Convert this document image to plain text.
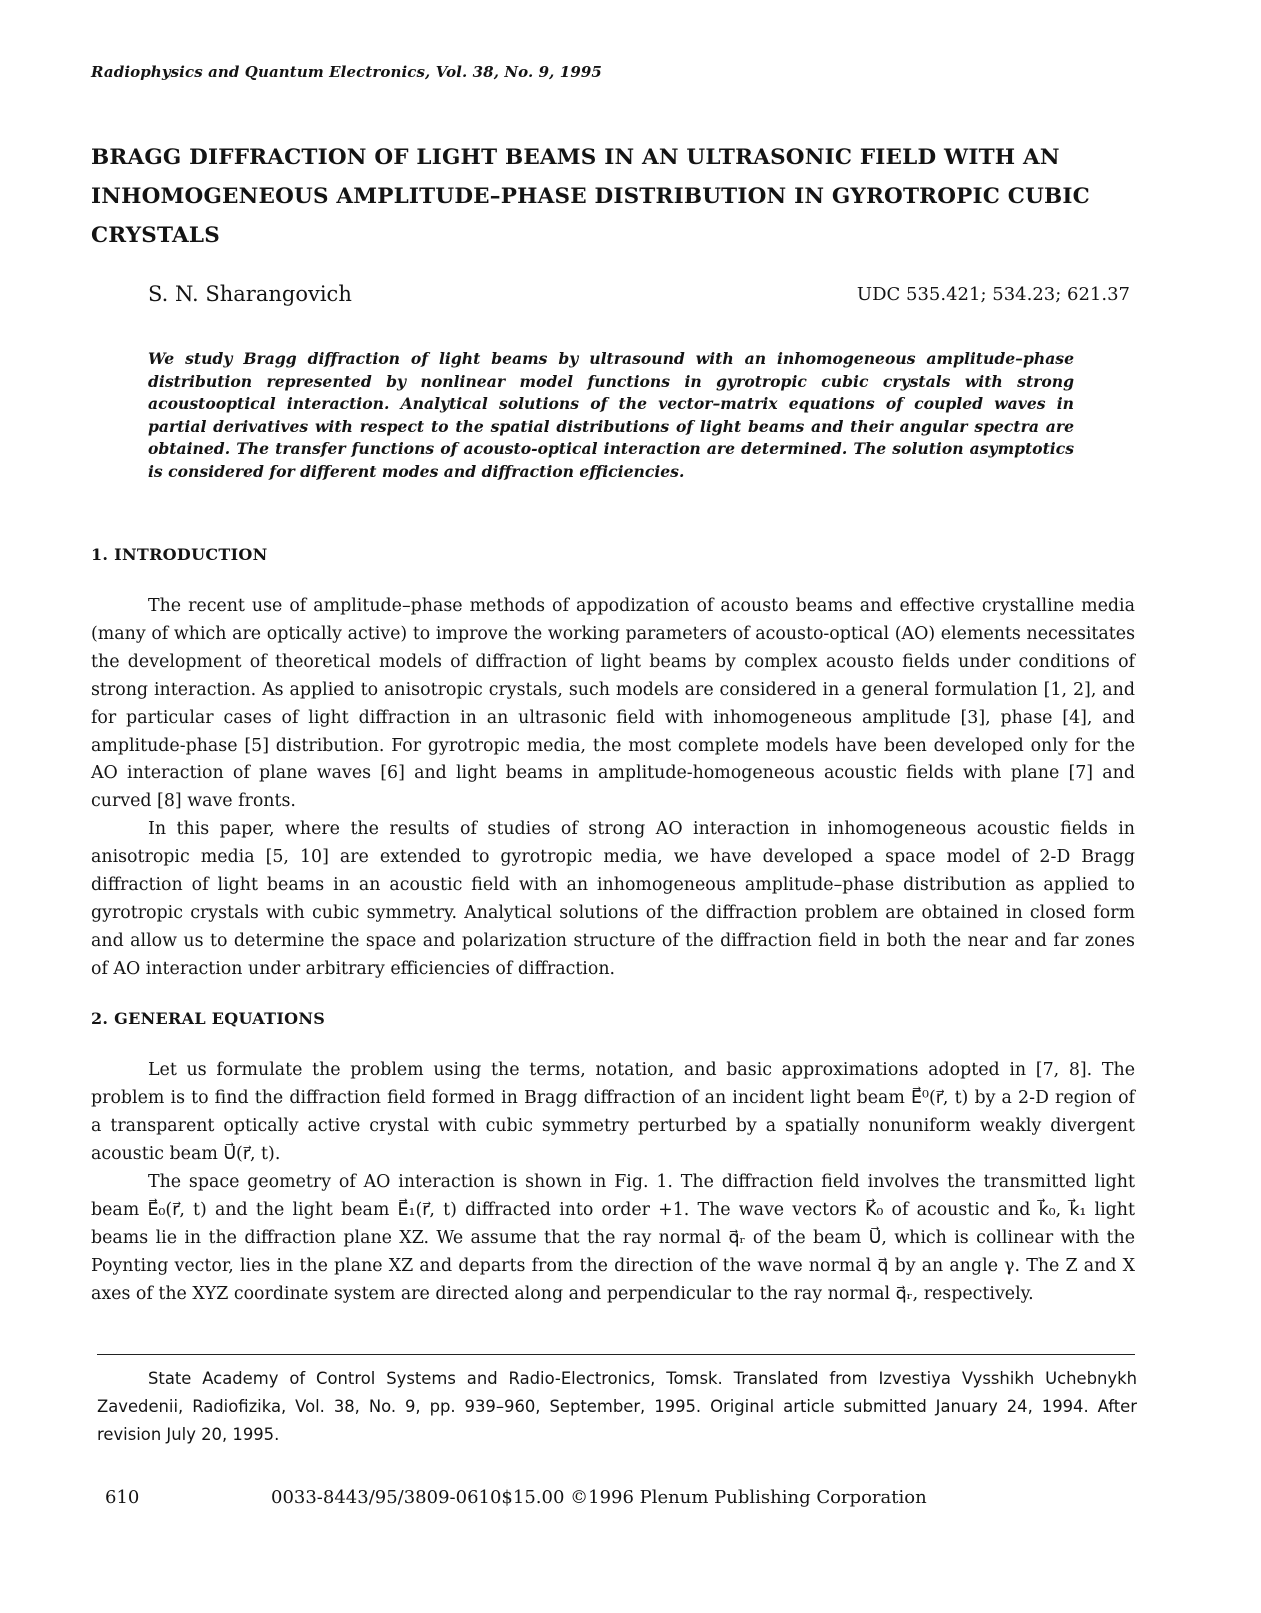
Radiophysics and Quantum Electronics, Vol. 38, No. 9, 1995
BRAGG DIFFRACTION OF LIGHT BEAMS IN AN ULTRASONIC FIELD WITH AN INHOMOGENEOUS AMPLITUDE–PHASE DISTRIBUTION IN GYROTROPIC CUBIC CRYSTALS
S. N. Sharangovich	UDC 535.421; 534.23; 621.37
We study Bragg diffraction of light beams by ultrasound with an inhomogeneous amplitude–phase distribution represented by nonlinear model functions in gyrotropic cubic crystals with strong acoustooptical interaction. Analytical solutions of the vector–matrix equations of coupled waves in partial derivatives with respect to the spatial distributions of light beams and their angular spectra are obtained. The transfer functions of acousto-optical interaction are determined. The solution asymptotics is considered for different modes and diffraction efficiencies.
1. INTRODUCTION

The recent use of amplitude–phase methods of appodization of acousto beams and effective crystalline media (many of which are optically active) to improve the working parameters of acousto-optical (AO) elements necessitates the development of theoretical models of diffraction of light beams by complex acousto fields under conditions of strong interaction. As applied to anisotropic crystals, such models are considered in a general formulation [1, 2], and for particular cases of light diffraction in an ultrasonic field with inhomogeneous amplitude [3], phase [4], and amplitude-phase [5] distribution. For gyrotropic media, the most complete models have been developed only for the AO interaction of plane waves [6] and light beams in amplitude-homogeneous acoustic fields with plane [7] and curved [8] wave fronts.

In this paper, where the results of studies of strong AO interaction in inhomogeneous acoustic fields in anisotropic media [5, 10] are extended to gyrotropic media, we have developed a space model of 2-D Bragg diffraction of light beams in an acoustic field with an inhomogeneous amplitude–phase distribution as applied to gyrotropic crystals with cubic symmetry. Analytical solutions of the diffraction problem are obtained in closed form and allow us to determine the space and polarization structure of the diffraction field in both the near and far zones of AO interaction under arbitrary efficiencies of diffraction.

2. GENERAL EQUATIONS

Let us formulate the problem using the terms, notation, and basic approximations adopted in [7, 8]. The problem is to find the diffraction field formed in Bragg diffraction of an incident light beam E⃗⁰(r⃗, t) by a 2-D region of a transparent optically active crystal with cubic symmetry perturbed by a spatially nonuniform weakly divergent acoustic beam U⃗(r⃗, t).

The space geometry of AO interaction is shown in Fig. 1. The diffraction field involves the transmitted light beam E⃗₀(r⃗, t) and the light beam E⃗₁(r⃗, t) diffracted into order +1. The wave vectors K⃗₀ of acoustic and k⃗₀, k⃗₁ light beams lie in the diffraction plane XZ. We assume that the ray normal q⃗ᵣ of the beam U⃗, which is collinear with the Poynting vector, lies in the plane XZ and departs from the direction of the wave normal q⃗ by an angle γ. The Z and X axes of the XYZ coordinate system are directed along and perpendicular to the ray normal q⃗ᵣ, respectively.

State Academy of Control Systems and Radio-Electronics, Tomsk. Translated from Izvestiya Vysshikh Uchebnykh Zavedenii, Radiofizika, Vol. 38, No. 9, pp. 939–960, September, 1995. Original article submitted January 24, 1994. After revision July 20, 1995.

610	0033-8443/95/3809-0610$15.00 ©1996 Plenum Publishing Corporation
